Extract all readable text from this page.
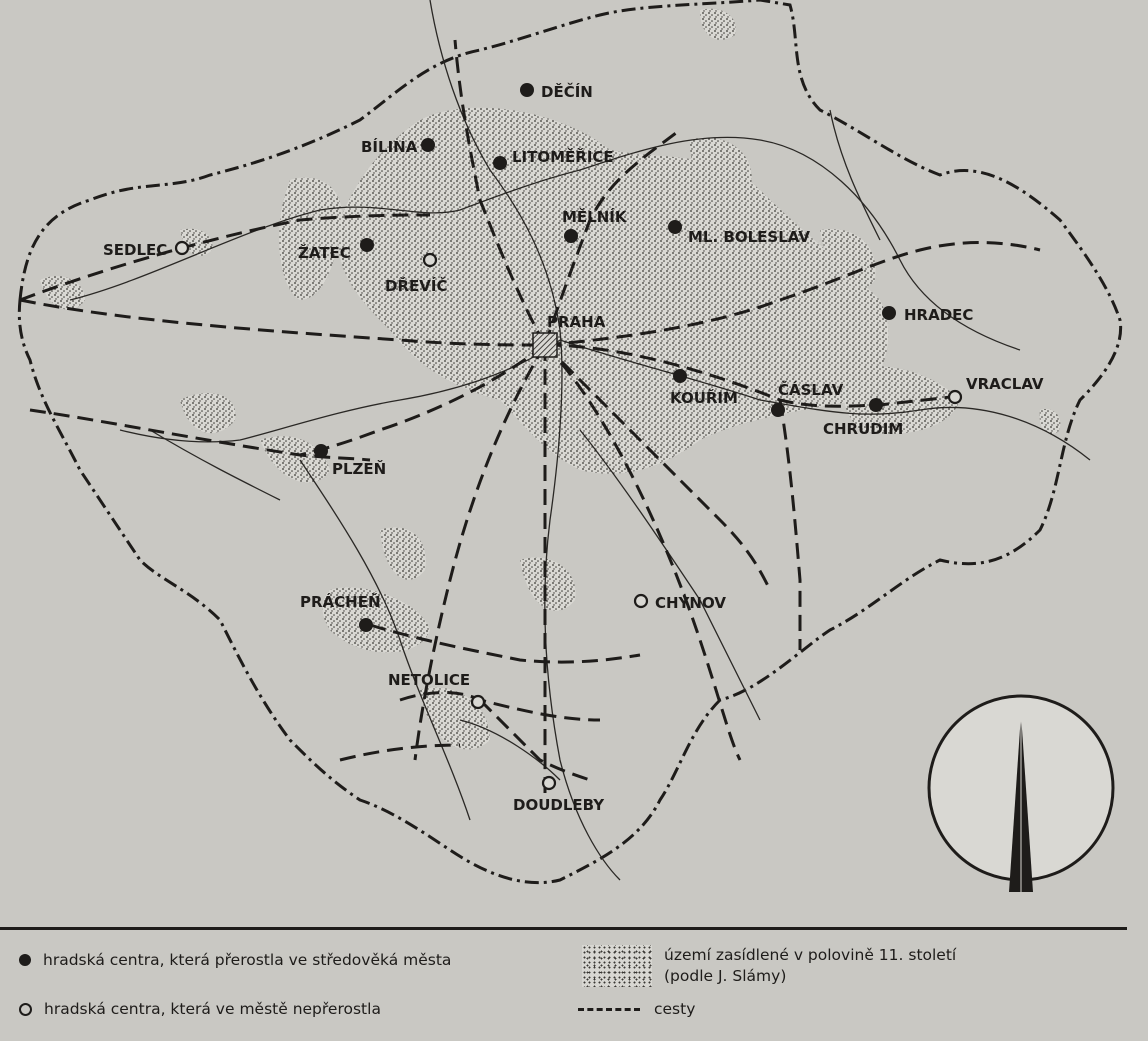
DĚČÍN
BÍLINA
LITOMĚŘICE
MĚLNÍK
ML. BOLESLAV
ŽATEC
HRADEC
PRAHA
KOUŘIM	ČÁSLAV
CHRUDIM
PLZEŇ
PRÁCHEŇ
SEDLEC
DŘEVÍČ
VRACLAV
CHÝNOV
NETOLICE
DOUDLEBY
hradská centra, která přerostla ve středověká města
hradská centra, která ve městě nepřerostla
území zasídlené v polovině 11. století
(podle J. Slámy)
cesty
